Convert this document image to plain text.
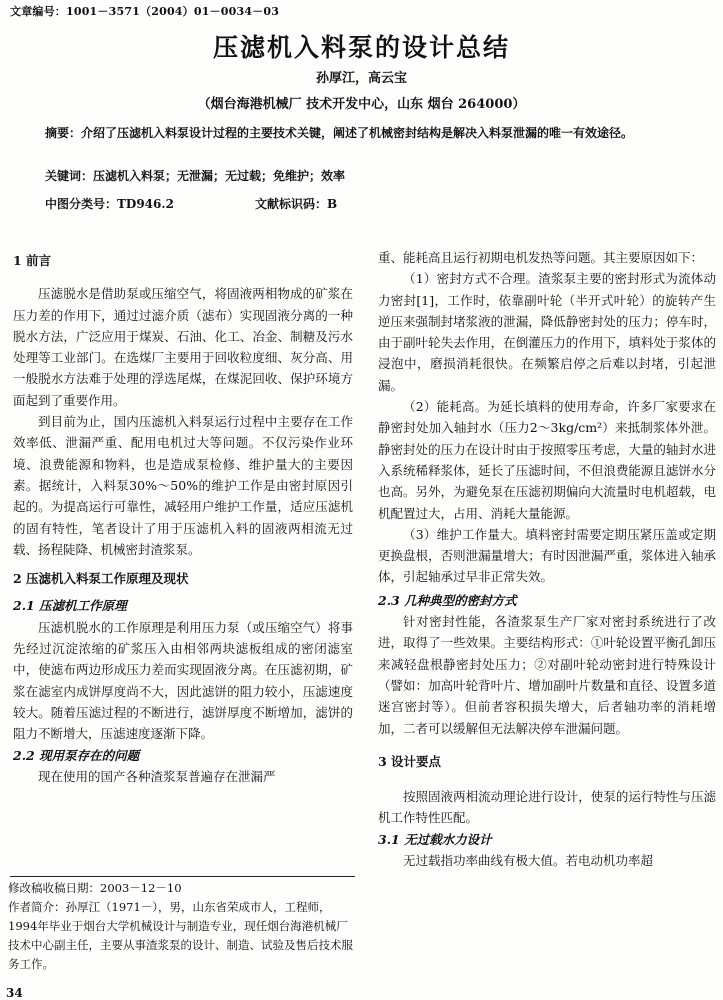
文章编号：1001－3571（2004）01－0034－03
压滤机入料泵的设计总结
孙厚江，高云宝
（烟台海港机械厂 技术开发中心，山东 烟台 264000）
摘要：介绍了压滤机入料泵设计过程的主要技术关键，阐述了机械密封结构是解决入料泵泄漏的唯一有效途径。
关键词：压滤机入料泵；无泄漏；无过载；免维护；效率
中图分类号：TD946.2	文献标识码：B
1 前言

压滤脱水是借助泵或压缩空气，将固液两相物成的矿浆在压力差的作用下，通过过滤介质（滤布）实现固液分离的一种脱水方法，广泛应用于煤炭、石油、化工、冶金、制糖及污水处理等工业部门。在选煤厂主要用于回收粒度细、灰分高、用一般脱水方法难于处理的浮选尾煤，在煤泥回收、保护环境方面起到了重要作用。

到目前为止，国内压滤机入料泵运行过程中主要存在工作效率低、泄漏严重、配用电机过大等问题。不仅污染作业环境、浪费能源和物料，也是造成泵检修、维护量大的主要因素。据统计，入料泵30%～50%的维护工作是由密封原因引起的。为提高运行可靠性，减轻用户维护工作量，适应压滤机的固有特性，笔者设计了用于压滤机入料的固液两相流无过载、扬程陡降、机械密封渣浆泵。

2 压滤机入料泵工作原理及现状
2.1 压滤机工作原理

压滤机脱水的工作原理是利用压力泵（或压缩空气）将事先经过沉淀浓缩的矿浆压入由相邻两块滤板组成的密闭滤室中，使滤布两边形成压力差而实现固液分离。在压滤初期，矿浆在滤室内成饼厚度尚不大，因此滤饼的阻力较小，压滤速度较大。随着压滤过程的不断进行，滤饼厚度不断增加，滤饼的阻力不断增大，压滤速度逐渐下降。

2.2 现用泵存在的问题

现在使用的国产各种渣浆泵普遍存在泄漏严

修改稿收稿日期：2003－12－10
作者简介：孙厚江（1971－），男，山东省荣成市人，工程师，1994年毕业于烟台大学机械设计与制造专业，现任烟台海港机械厂技术中心副主任，主要从事渣浆泵的设计、制造、试验及售后技术服务工作。
34

重、能耗高且运行初期电机发热等问题。其主要原因如下：

（1）密封方式不合理。渣浆泵主要的密封形式为流体动力密封[1]，工作时，依靠副叶轮（半开式叶轮）的旋转产生逆压来强制封堵浆液的泄漏，降低静密封处的压力；停车时，由于副叶轮失去作用，在倒灌压力的作用下，填料处于浆体的浸泡中，磨损消耗很快。在频繁启停之后难以封堵，引起泄漏。

（2）能耗高。为延长填料的使用寿命，许多厂家要求在静密封处加入轴封水（压力2～3kg/cm²）来抵制浆体外泄。静密封处的压力在设计时由于按照零压考虑，大量的轴封水进入系统稀释浆体，延长了压滤时间，不但浪费能源且滤饼水分也高。另外，为避免泵在压滤初期偏向大流量时电机超载，电机配置过大，占用、消耗大量能源。

（3）维护工作量大。填料密封需要定期压紧压盖或定期更换盘根，否则泄漏量增大；有时因泄漏严重，浆体进入轴承体，引起轴承过早非正常失效。

2.3 几种典型的密封方式

针对密封性能，各渣浆泵生产厂家对密封系统进行了改进，取得了一些效果。主要结构形式：①叶轮设置平衡孔卸压来减轻盘根静密封处压力；②对副叶轮动密封进行特殊设计（譬如：加高叶轮背叶片、增加副叶片数量和直径、设置多道迷宫密封等）。但前者容积损失增大，后者轴功率的消耗增加，二者可以缓解但无法解决停车泄漏问题。

3 设计要点

按照固液两相流动理论进行设计，使泵的运行特性与压滤机工作特性匹配。

3.1 无过载水力设计

无过载指功率曲线有极大值。若电动机功率超
